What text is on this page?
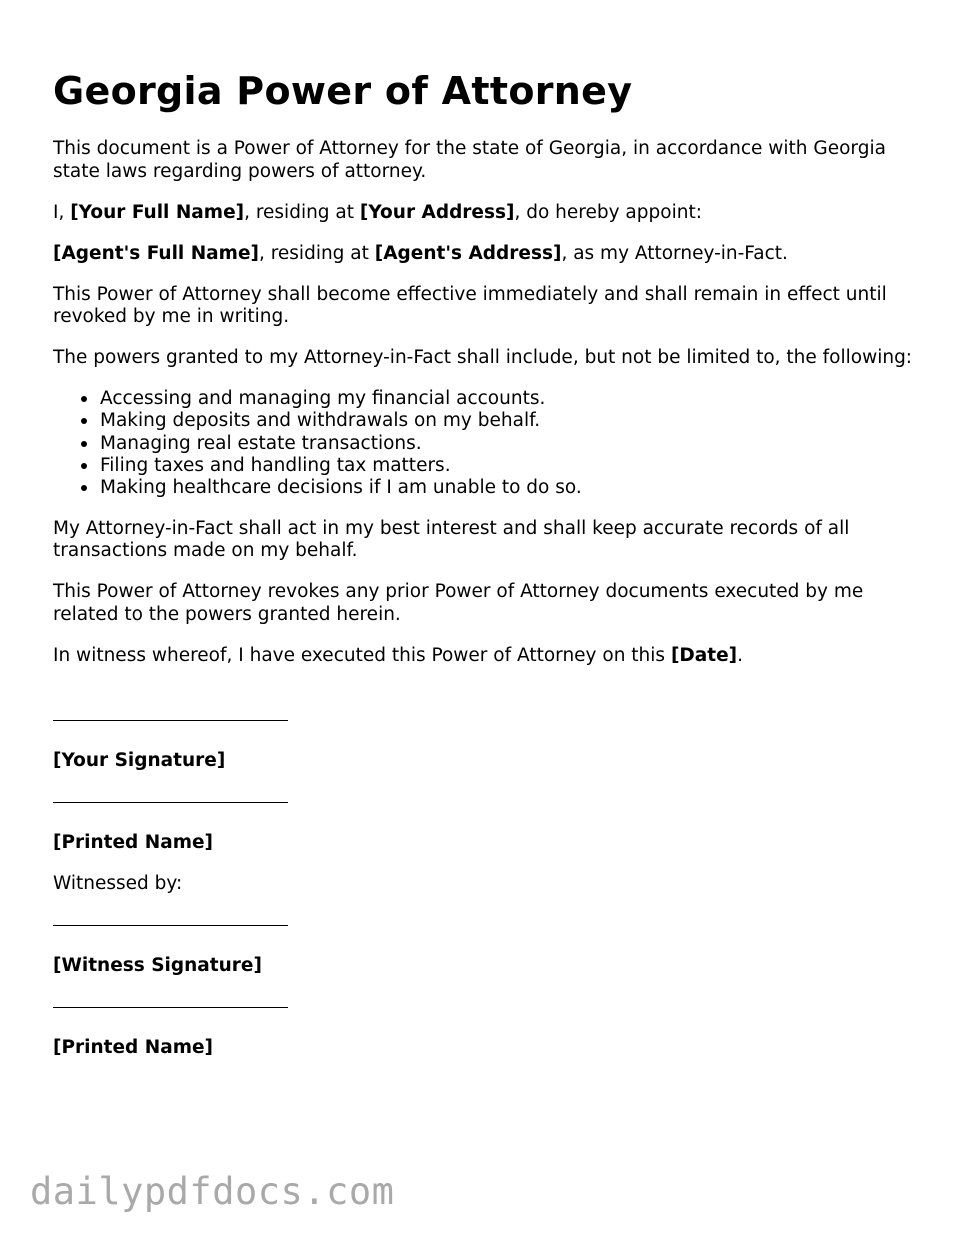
Georgia Power of Attorney

This document is a Power of Attorney for the state of Georgia, in accordance with Georgia state laws regarding powers of attorney.

I, [Your Full Name], residing at [Your Address], do hereby appoint:

[Agent's Full Name], residing at [Agent's Address], as my Attorney-in-Fact.

This Power of Attorney shall become effective immediately and shall remain in effect until revoked by me in writing.

The powers granted to my Attorney-in-Fact shall include, but not be limited to, the following:

Accessing and managing my financial accounts.
Making deposits and withdrawals on my behalf.
Managing real estate transactions.
Filing taxes and handling tax matters.
Making healthcare decisions if I am unable to do so.

My Attorney-in-Fact shall act in my best interest and shall keep accurate records of all transactions made on my behalf.

This Power of Attorney revokes any prior Power of Attorney documents executed by me related to the powers granted herein.

In witness whereof, I have executed this Power of Attorney on this [Date].

[Your Signature]
[Printed Name]
Witnessed by:
[Witness Signature]
[Printed Name]
dailypdfdocs.com
